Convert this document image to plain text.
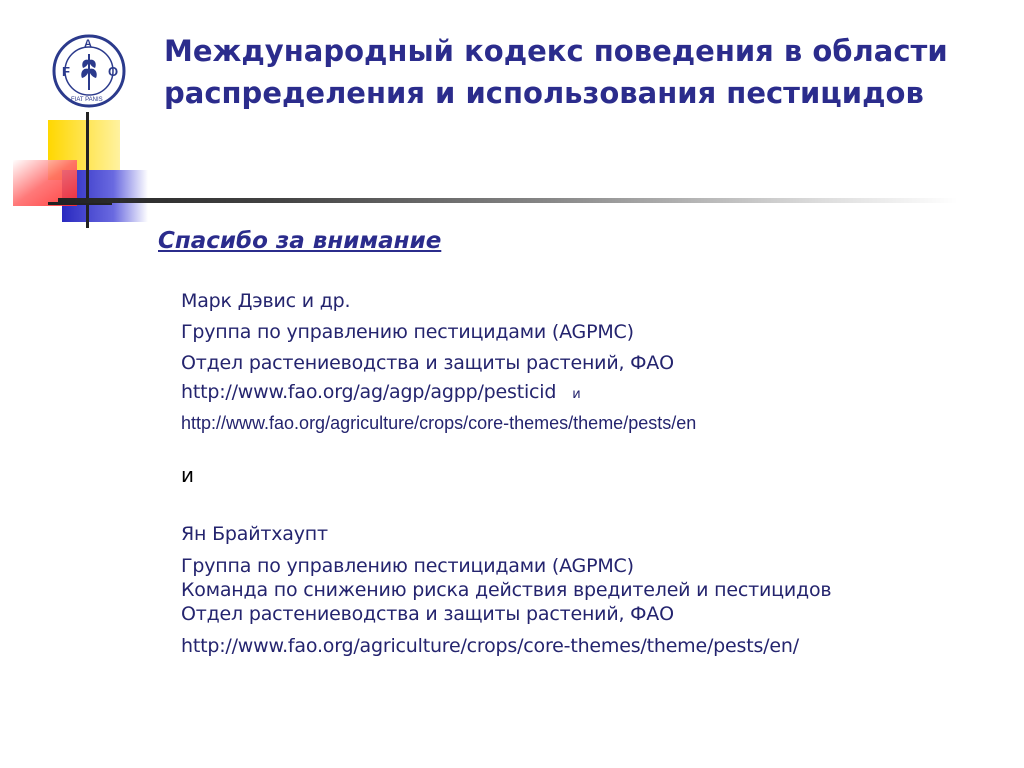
F
A
O
FIAT PANIS
Международный кодекс поведения в области
распределения и использования пестицидов
Спасибо за внимание
Марк Дэвис и др.
Группа по управлению пестицидами (AGPMC)
Отдел растениеводства и защиты растений, ФАО
http://www.fao.org/ag/agp/agpp/pesticid и
http://www.fao.org/agriculture/crops/core-themes/theme/pests/en
и
Ян Брайтхаупт
Группа по управлению пестицидами (AGPMC)
Команда по снижению риска действия вредителей и пестицидов
Отдел растениеводства и защиты растений, ФАО
http://www.fao.org/agriculture/crops/core-themes/theme/pests/en/
